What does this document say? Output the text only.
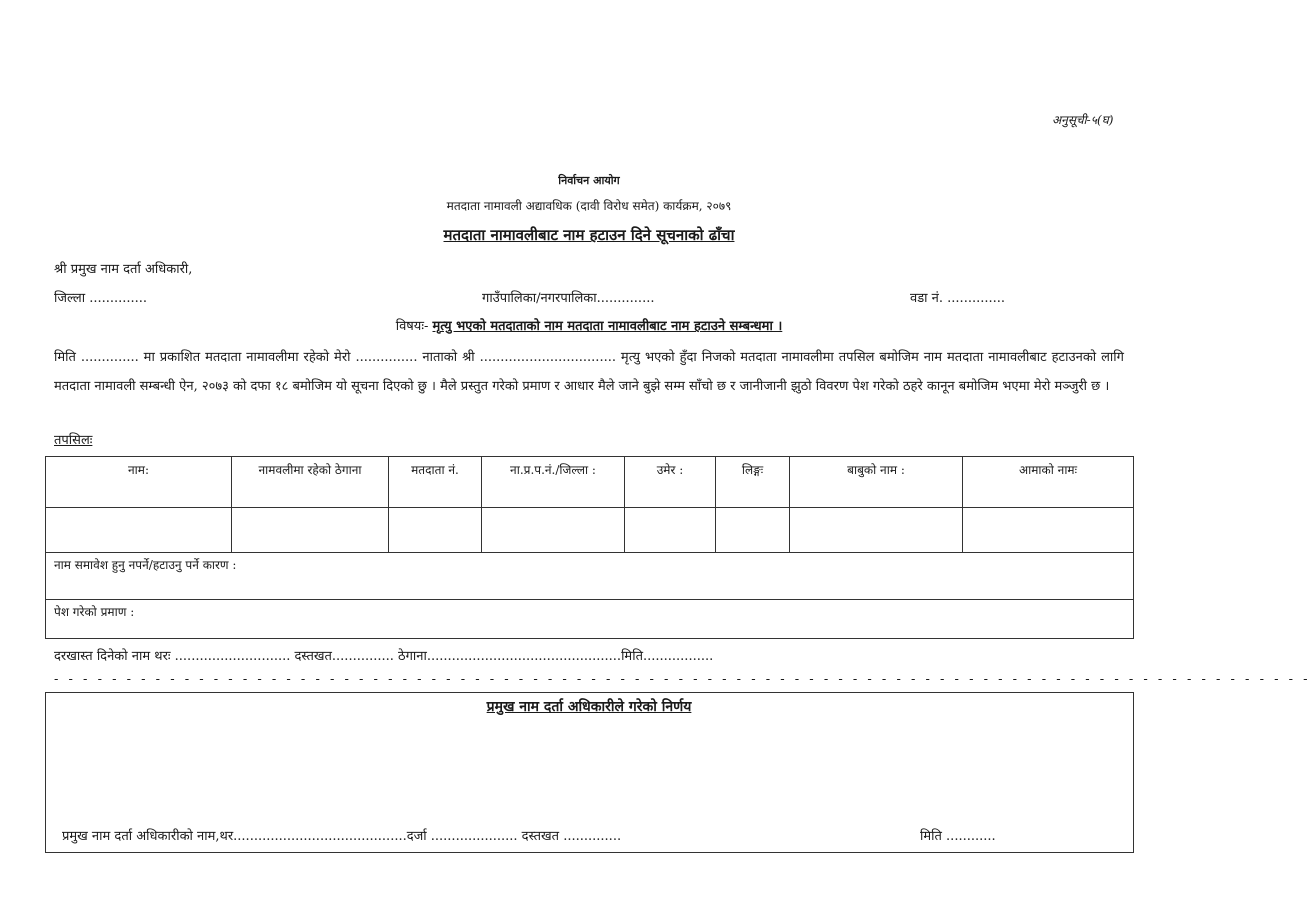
अनुसूची-५(घ)
निर्वाचन आयोग
मतदाता नामावली अद्यावधिक (दावी विरोध समेत) कार्यक्रम, २०७९
मतदाता नामावलीबाट नाम हटाउन दिने सूचनाको ढाँचा
श्री प्रमुख नाम दर्ता अधिकारी,
जिल्ला ..............	गाउँपालिका/नगरपालिका..............	वडा नं. ..............
विषयः- मृत्यु भएको मतदाताको नाम मतदाता नामावलीबाट नाम हटाउने सम्बन्धमा ।
मिति .............. मा प्रकाशित मतदाता नामावलीमा रहेको मेरो ............... नाताको श्री ................................. मृत्यु भएको हुँदा निजको मतदाता नामावलीमा तपसिल बमोजिम नाम मतदाता नामावलीबाट हटाउनको लागि मतदाता नामावली सम्बन्धी ऐन, २०७३ को दफा १८ बमोजिम यो सूचना दिएको छु । मैले प्रस्तुत गरेको प्रमाण र आधार मैले जाने बुझे सम्म साँचो छ र जानीजानी झुठो विवरण पेश गरेको ठहरे कानून बमोजिम भएमा मेरो मञ्जुरी छ ।
तपसिलः
नाम:	नामवलीमा रहेको ठेगाना	मतदाता नं.	ना.प्र.प.नं./जिल्ला :	उमेर :	लिङ्गः	बाबुको नाम :	आमाको नामः

नाम समावेश हुनु नपर्ने/हटाउनु पर्ने कारण :							
पेश गरेको प्रमाण :							
दरखास्त दिनेको नाम थरः ............................ दस्तखत............... ठेगाना...............................................मिति.................
- - - - - - - - - - - - - - - - - - - - - - - - - - - - - - - - - - - - - - - - - - - - - - - - - - - - - - - - - - - - - - - - - - - - - - - - - - - - - - - - - - - - - - -
प्रमुख नाम दर्ता अधिकारीले गरेको निर्णय
प्रमुख नाम दर्ता अधिकारीको नाम,थर..........................................दर्जा ..................... दस्तखत ..............	मिति ............
